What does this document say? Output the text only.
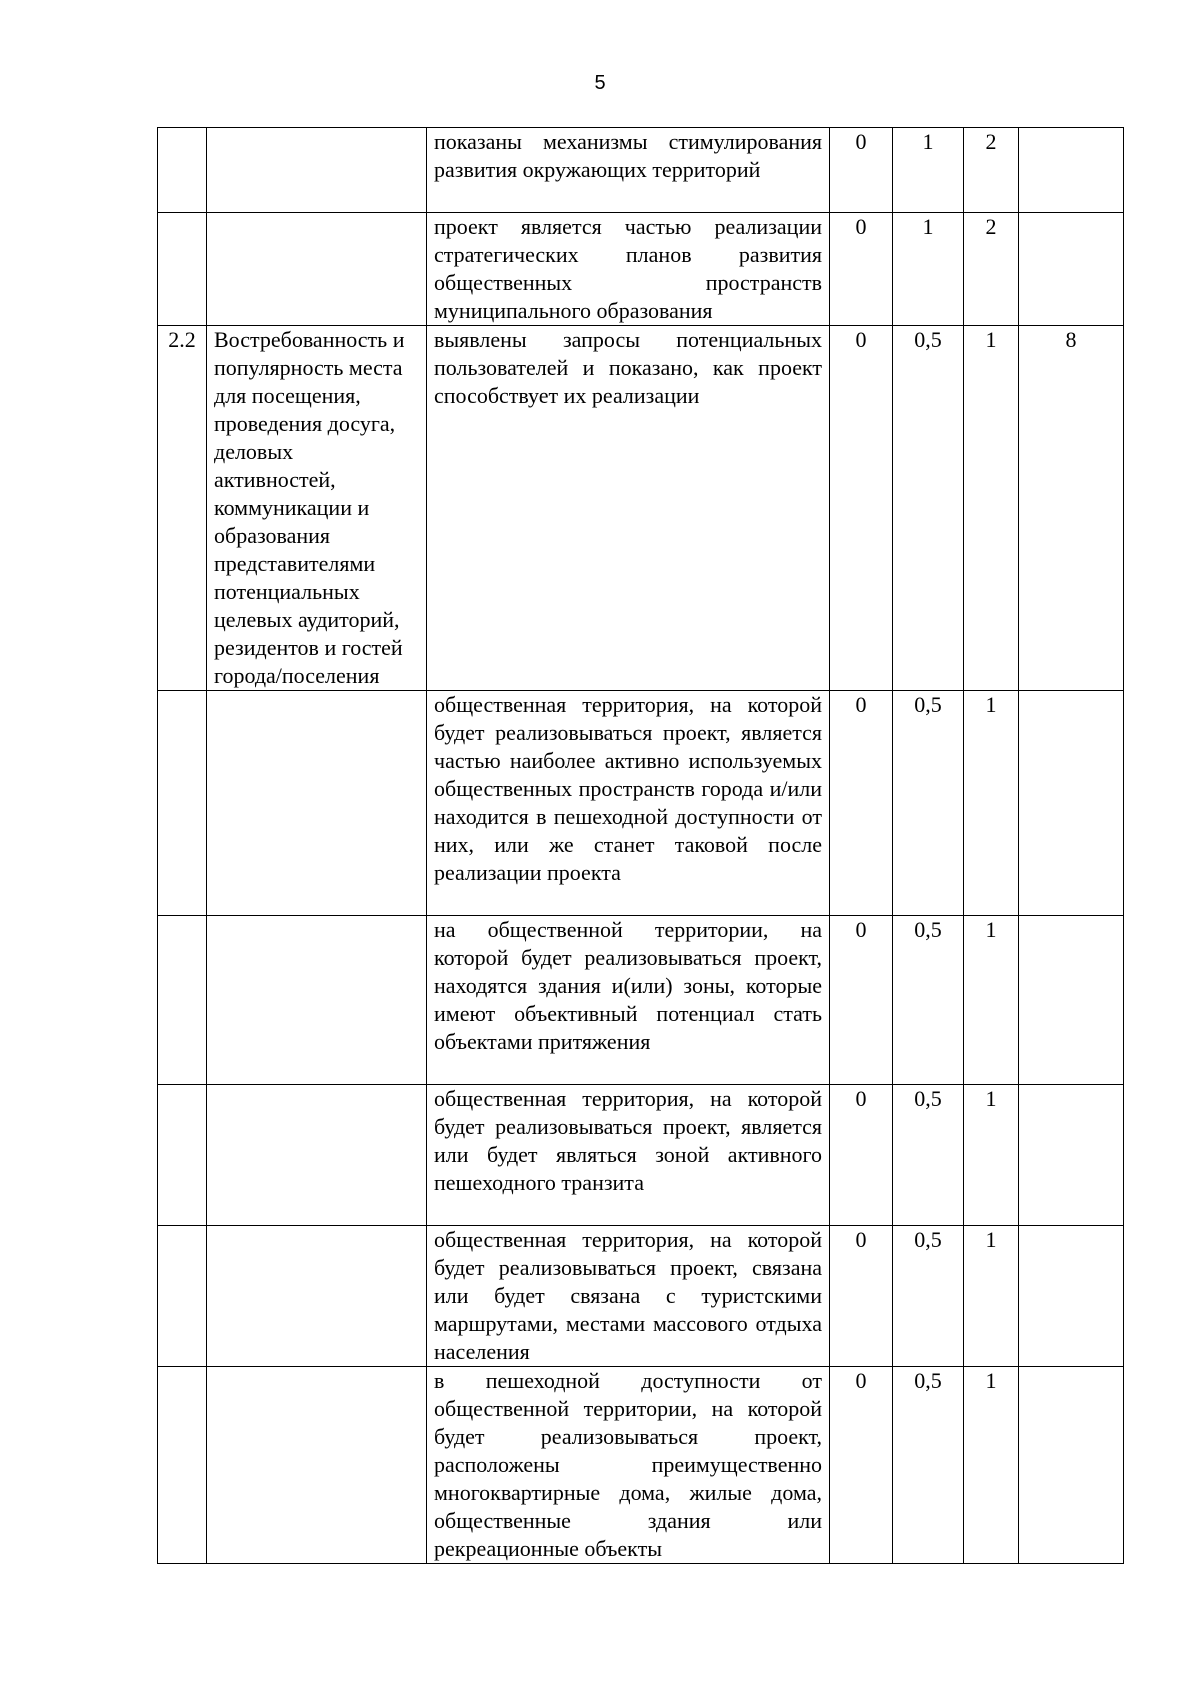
5
		показаны механизмы стимулирования развития окружающих территорий	0	1	2	
		проект является частью реализации стратегических планов развития общественных пространств муниципального образования	0	1	2	
2.2	Востребованность и популярность места для посещения, проведения досуга, деловых активностей, коммуникации и образования представителями потенциальных целевых аудиторий, резидентов и гостей города/поселения	выявлены запросы потенциальных пользователей и показано, как проект способствует их реализации	0	0,5	1	8
		общественная территория, на которой будет реализовываться проект, является частью наиболее активно используемых общественных пространств города и/или находится в пешеходной доступности от них, или же станет таковой после реализации проекта	0	0,5	1	
		на общественной территории, на которой будет реализовываться проект, находятся здания и(или) зоны, которые имеют объективный потенциал стать объектами притяжения	0	0,5	1	
		общественная территория, на которой будет реализовываться проект, является или будет являться зоной активного пешеходного транзита	0	0,5	1	
		общественная территория, на которой будет реализовываться проект, связана или будет связана с туристскими маршрутами, местами массового отдыха населения	0	0,5	1	
		в пешеходной доступности от общественной территории, на которой будет реализовываться проект, расположены преимущественно многоквартирные дома, жилые дома, общественные здания или рекреационные объекты	0	0,5	1	
